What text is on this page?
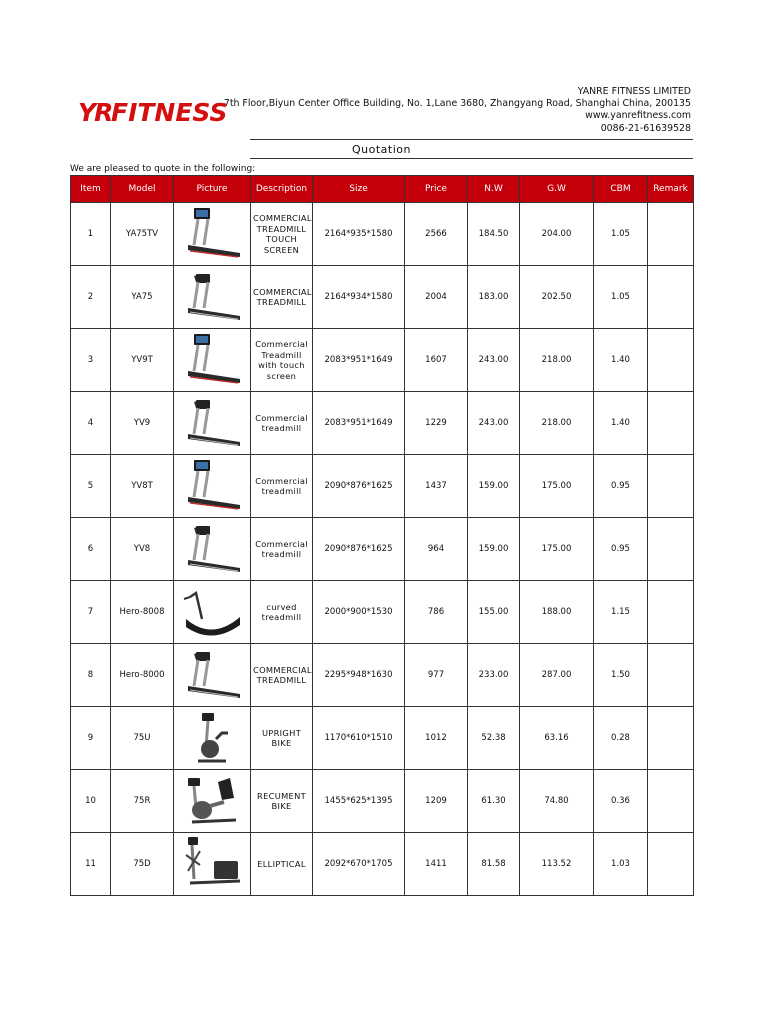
YR FITNESS
YANRE FITNESS LIMITED
7th Floor,Biyun Center Office Building, No. 1,Lane 3680, Zhangyang Road, Shanghai China, 200135
www.yanrefitness.com
0086-21-61639528
Quotation
We are pleased to quote in the following:
Item	Model	Picture	Description	Size	Price	N.W	G.W	CBM	Remark
1	YA75TV		COMMERCIAL TREADMILL TOUCH SCREEN	2164*935*1580	2566	184.50	204.00	1.05	
2	YA75		COMMERCIAL TREADMILL	2164*934*1580	2004	183.00	202.50	1.05	
3	YV9T		Commercial Treadmill with touch screen	2083*951*1649	1607	243.00	218.00	1.40	
4	YV9		Commercial treadmill	2083*951*1649	1229	243.00	218.00	1.40	
5	YV8T		Commercial treadmill	2090*876*1625	1437	159.00	175.00	0.95	
6	YV8		Commercial treadmill	2090*876*1625	964	159.00	175.00	0.95	
7	Hero-8008		curved treadmill	2000*900*1530	786	155.00	188.00	1.15	
8	Hero-8000		COMMERCIAL TREADMILL	2295*948*1630	977	233.00	287.00	1.50	
9	75U		UPRIGHT BIKE	1170*610*1510	1012	52.38	63.16	0.28	
10	75R		RECUMENT BIKE	1455*625*1395	1209	61.30	74.80	0.36	
11	75D		ELLIPTICAL	2092*670*1705	1411	81.58	113.52	1.03	
